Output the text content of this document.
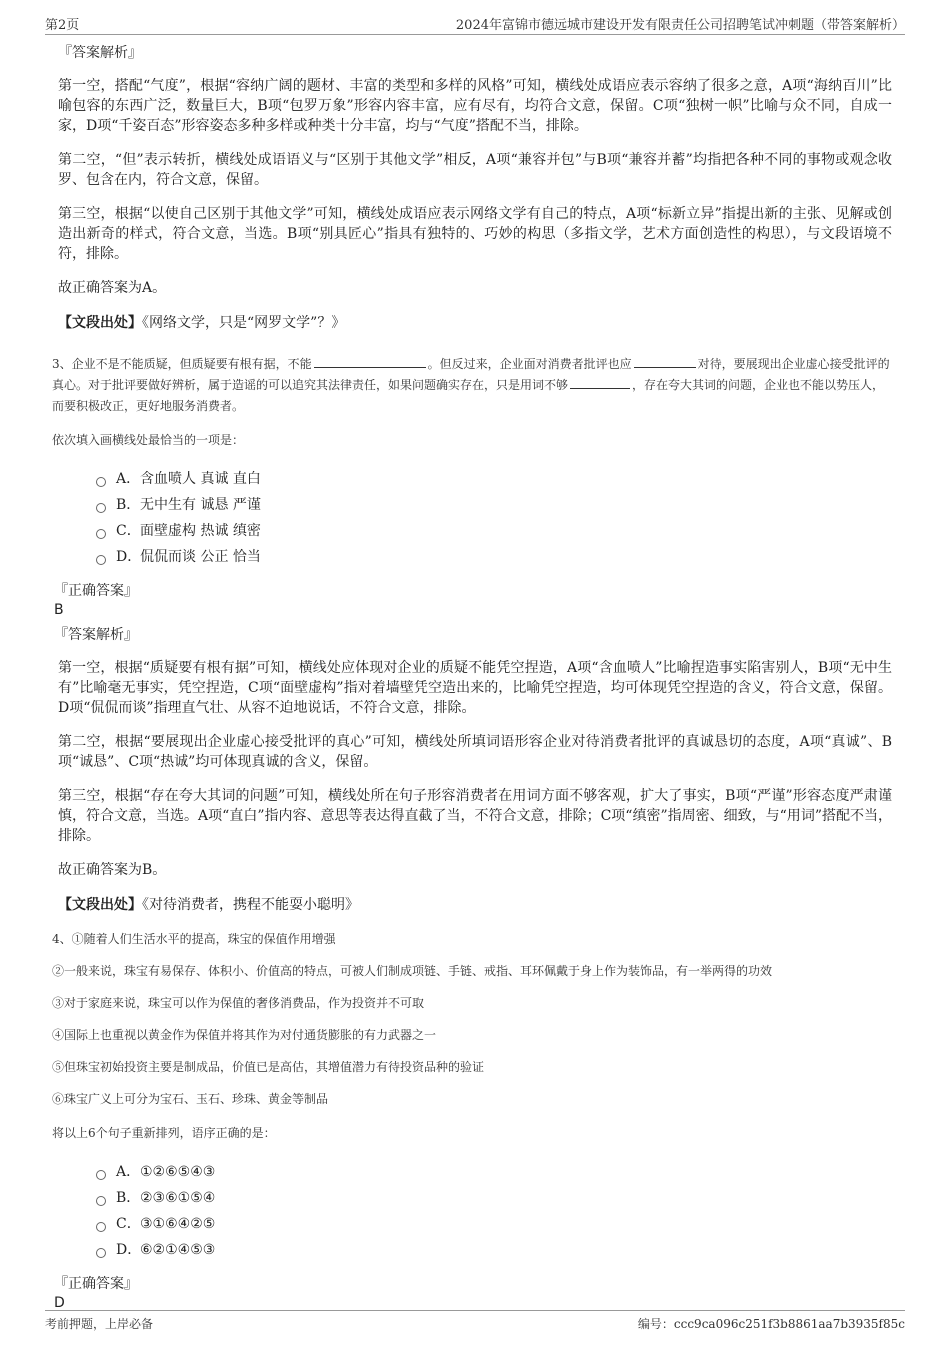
第2页	2024年富锦市德远城市建设开发有限责任公司招聘笔试冲刺题（带答案解析）
『答案解析』

第一空，搭配“气度”，根据“容纳广阔的题材、丰富的类型和多样的风格”可知，横线处成语应表示容纳了很多之意，A项“海纳百川”比喻包容的东西广泛，数量巨大，B项“包罗万象”形容内容丰富，应有尽有，均符合文意，保留。C项“独树一帜”比喻与众不同，自成一家，D项“千姿百态”形容姿态多种多样或种类十分丰富，均与“气度”搭配不当，排除。

第二空，“但”表示转折，横线处成语语义与“区别于其他文学”相反，A项“兼容并包”与B项“兼容并蓄”均指把各种不同的事物或观念收罗、包含在内，符合文意，保留。

第三空，根据“以使自己区别于其他文学”可知，横线处成语应表示网络文学有自己的特点，A项“标新立异”指提出新的主张、见解或创造出新奇的样式，符合文意，当选。B项“别具匠心”指具有独特的、巧妙的构思（多指文学，艺术方面创造性的构思），与文段语境不符，排除。

故正确答案为A。

【文段出处】《网络文学，只是“网罗文学”？》
3、企业不是不能质疑，但质疑要有根有据，不能	。但反过来，企业面对消费者批评也应	对待，要展现出企业虚心接受批评的真心。对于批评要做好辨析，属于造谣的可以追究其法律责任，如果问题确实存在，只是用词不够	，存在夸大其词的问题，企业也不能以势压人，而要积极改正，更好地服务消费者。
依次填入画横线处最恰当的一项是：
A． 含血喷人 真诚 直白
B． 无中生有 诚恳 严谨
C． 面壁虚构 热诚 缜密
D．
侃侃而谈 公正 恰当
『正确答案』
B
『答案解析』

第一空，根据“质疑要有根有据”可知，横线处应体现对企业的质疑不能凭空捏造，A项“含血喷人”比喻捏造事实陷害别人，B项“无中生有”比喻毫无事实，凭空捏造，C项“面壁虚构”指对着墙壁凭空造出来的，比喻凭空捏造，均可体现凭空捏造的含义，符合文意，保留。D项“侃侃而谈”指理直气壮、从容不迫地说话，不符合文意，排除。

第二空，根据“要展现出企业虚心接受批评的真心”可知，横线处所填词语形容企业对待消费者批评的真诚恳切的态度，A项“真诚”、B项“诚恳”、C项“热诚”均可体现真诚的含义，保留。

第三空，根据“存在夸大其词的问题”可知，横线处所在句子形容消费者在用词方面不够客观，扩大了事实，B项“严谨”形容态度严肃谨慎，符合文意，当选。A项“直白”指内容、意思等表达得直截了当，不符合文意，排除；C项“缜密”指周密、细致，与“用词”搭配不当，排除。

故正确答案为B。

【文段出处】《对待消费者，携程不能耍小聪明》
4、①随着人们生活水平的提高，珠宝的保值作用增强
②一般来说，珠宝有易保存、体积小、价值高的特点，可被人们制成项链、手链、戒指、耳环佩戴于身上作为装饰品，有一举两得的功效
③对于家庭来说，珠宝可以作为保值的奢侈消费品，作为投资并不可取
④国际上也重视以黄金作为保值并将其作为对付通货膨胀的有力武器之一
⑤但珠宝初始投资主要是制成品，价值已是高估，其增值潜力有待投资品种的验证
⑥珠宝广义上可分为宝石、玉石、珍珠、黄金等制品
将以上6个句子重新排列，语序正确的是：
A． ①②⑥⑤④③
B． ②③⑥①⑤④
C． ③①⑥④②⑤
D．
⑥②①④⑤③
『正确答案』
D
考前押题，上岸必备	编号：ccc9ca096c251f3b8861aa7b3935f85c
